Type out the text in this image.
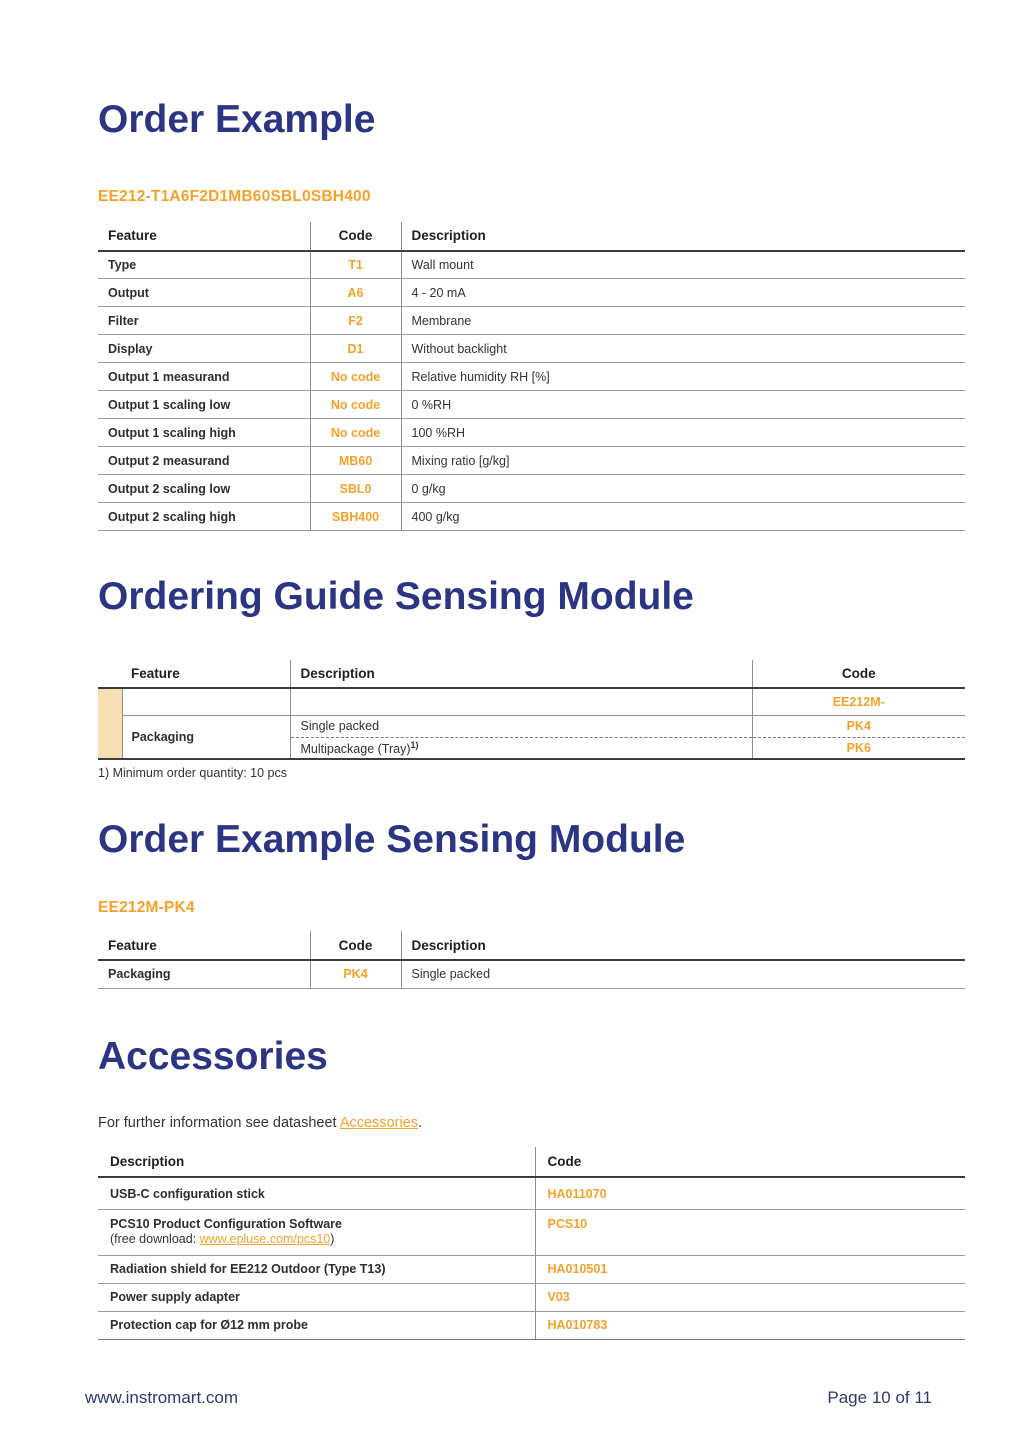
Order Example
EE212-T1A6F2D1MB60SBL0SBH400
Feature	Code	Description
Type	T1	Wall mount
Output	A6	4 - 20 mA
Filter	F2	Membrane
Display	D1	Without backlight
Output 1 measurand	No code	Relative humidity RH [%]
Output 1 scaling low	No code	0 %RH
Output 1 scaling high	No code	100 %RH
Output 2 measurand	MB60	Mixing ratio [g/kg]
Output 2 scaling low	SBL0	0 g/kg
Output 2 scaling high	SBH400	400 g/kg
Ordering Guide Sensing Module
Feature		Description	Code
			EE212M-
	Packaging	Single packed	PK4
		Multipackage (Tray)$^{1)}$	PK6
1) Minimum order quantity: 10 pcs
Order Example Sensing Module
EE212M-PK4
Feature	Code	Description
Packaging	PK4	Single packed
Accessories

For further information see datasheet Accessories.

Description	Code

USB-C configuration stick	HA011070

PCS10 Product Configuration Software
(free download: www.epluse.com/pcs10)	PCS10

Radiation shield for EE212 Outdoor (Type T13)	HA010501

Power supply adapter	V03

Protection cap for Ø12 mm probe	HA010783
www.instromart.com	Page 10 of 11
